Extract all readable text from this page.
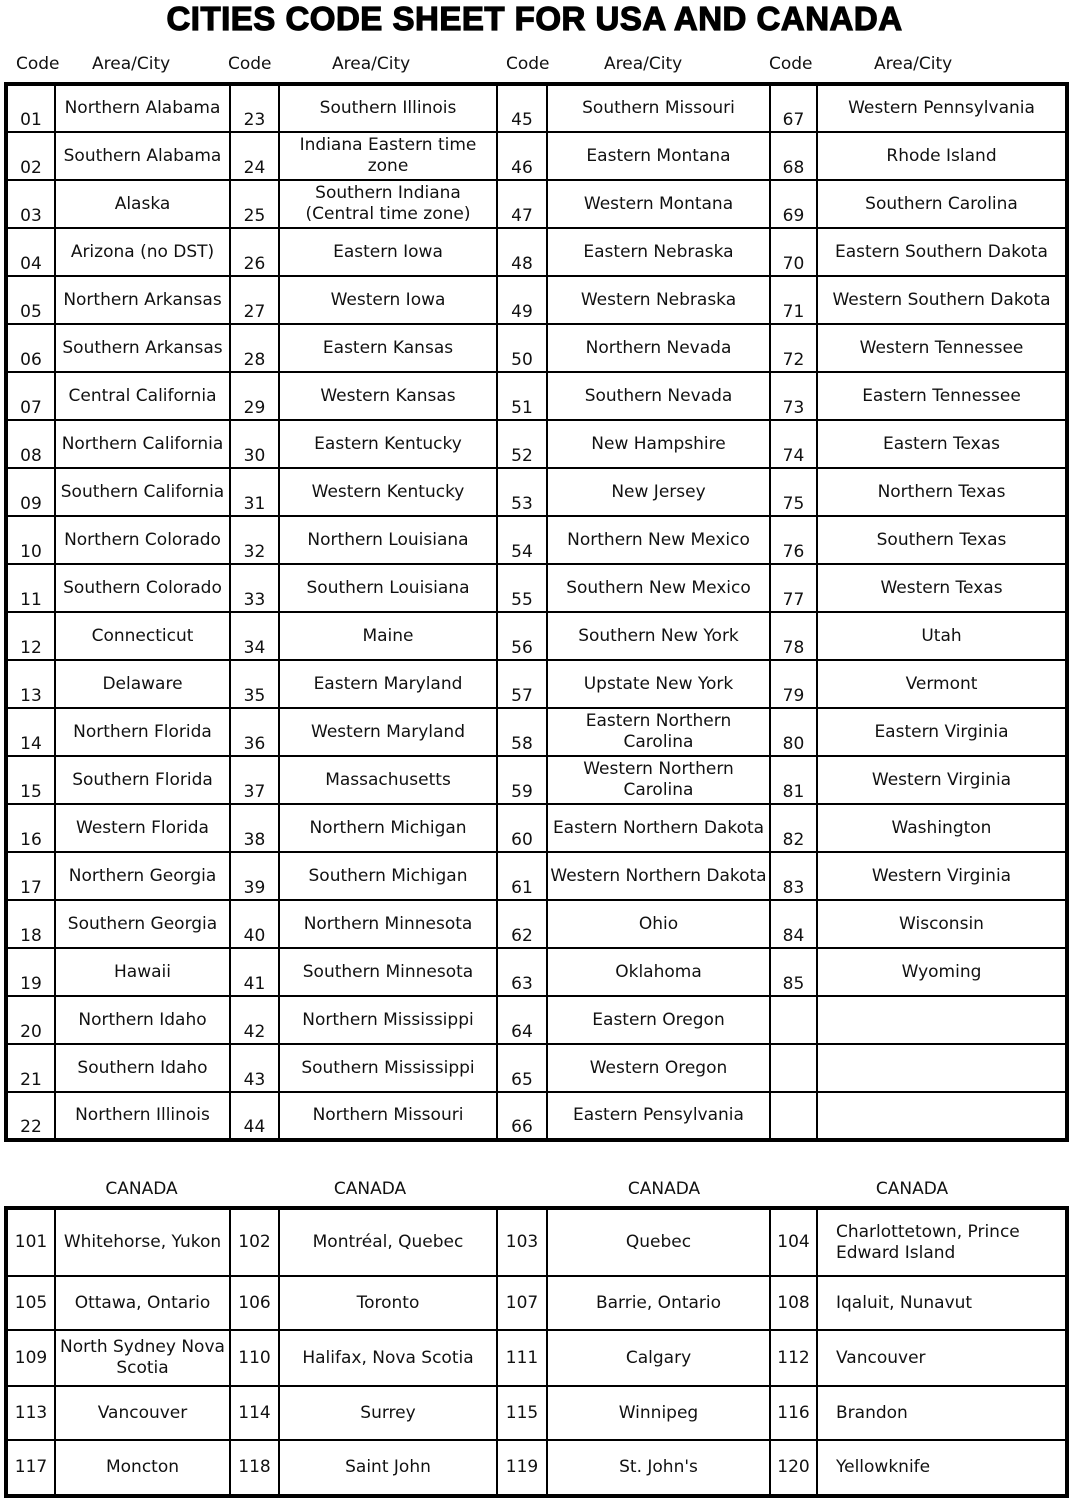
CITIES CODE SHEET FOR USA AND CANADA
Code Area/City	Code	Area/City	Code	Area/City	Code	Area/City
01	Northern Alabama	23	Southern Illinois	45	Southern Missouri	67	Western Pennsylvania
02	Southern Alabama	24	Indiana Eastern time zone	46	Eastern Montana	68	Rhode Island
03	Alaska	25	Southern Indiana (Central time zone)	47	Western Montana	69	Southern Carolina
04	Arizona (no DST)	26	Eastern Iowa	48	Eastern Nebraska	70	Eastern Southern Dakota
05	Northern Arkansas	27	Western Iowa	49	Western Nebraska	71	Western Southern Dakota
06	Southern Arkansas	28	Eastern Kansas	50	Northern Nevada	72	Western Tennessee
07	Central California	29	Western Kansas	51	Southern Nevada	73	Eastern Tennessee
08	Northern California	30	Eastern Kentucky	52	New Hampshire	74	Eastern Texas
09	Southern California	31	Western Kentucky	53	New Jersey	75	Northern Texas
10	Northern Colorado	32	Northern Louisiana	54	Northern New Mexico	76	Southern Texas
11	Southern Colorado	33	Southern Louisiana	55	Southern New Mexico	77	Western Texas
12	Connecticut	34	Maine	56	Southern New York	78	Utah
13	Delaware	35	Eastern Maryland	57	Upstate New York	79	Vermont
14	Northern Florida	36	Western Maryland	58	Eastern Northern Carolina	80	Eastern Virginia
15	Southern Florida	37	Massachusetts	59	Western Northern Carolina	81	Western Virginia
16	Western Florida	38	Northern Michigan	60	Eastern Northern Dakota	82	Washington
17	Northern Georgia	39	Southern Michigan	61	Western Northern Dakota	83	Western Virginia
18	Southern Georgia	40	Northern Minnesota	62	Ohio	84	Wisconsin
19	Hawaii	41	Southern Minnesota	63	Oklahoma	85	Wyoming
20	Northern Idaho	42	Northern Mississippi	64	Eastern Oregon		
21	Southern Idaho	43	Southern Mississippi	65	Western Oregon		
22	Northern Illinois	44	Northern Missouri	66	Eastern Pensylvania		
CANADA	CANADA	CANADA	CANADA
101	Whitehorse, Yukon	102	Montréal, Quebec	103	Quebec	104	Charlottetown, Prince Edward Island
105	Ottawa, Ontario	106	Toronto	107	Barrie, Ontario	108	Iqaluit, Nunavut
109	North Sydney Nova Scotia	110	Halifax, Nova Scotia	111	Calgary	112	Vancouver
113	Vancouver	114	Surrey	115	Winnipeg	116	Brandon
117	Moncton	118	Saint John	119	St. John's	120	Yellowknife
